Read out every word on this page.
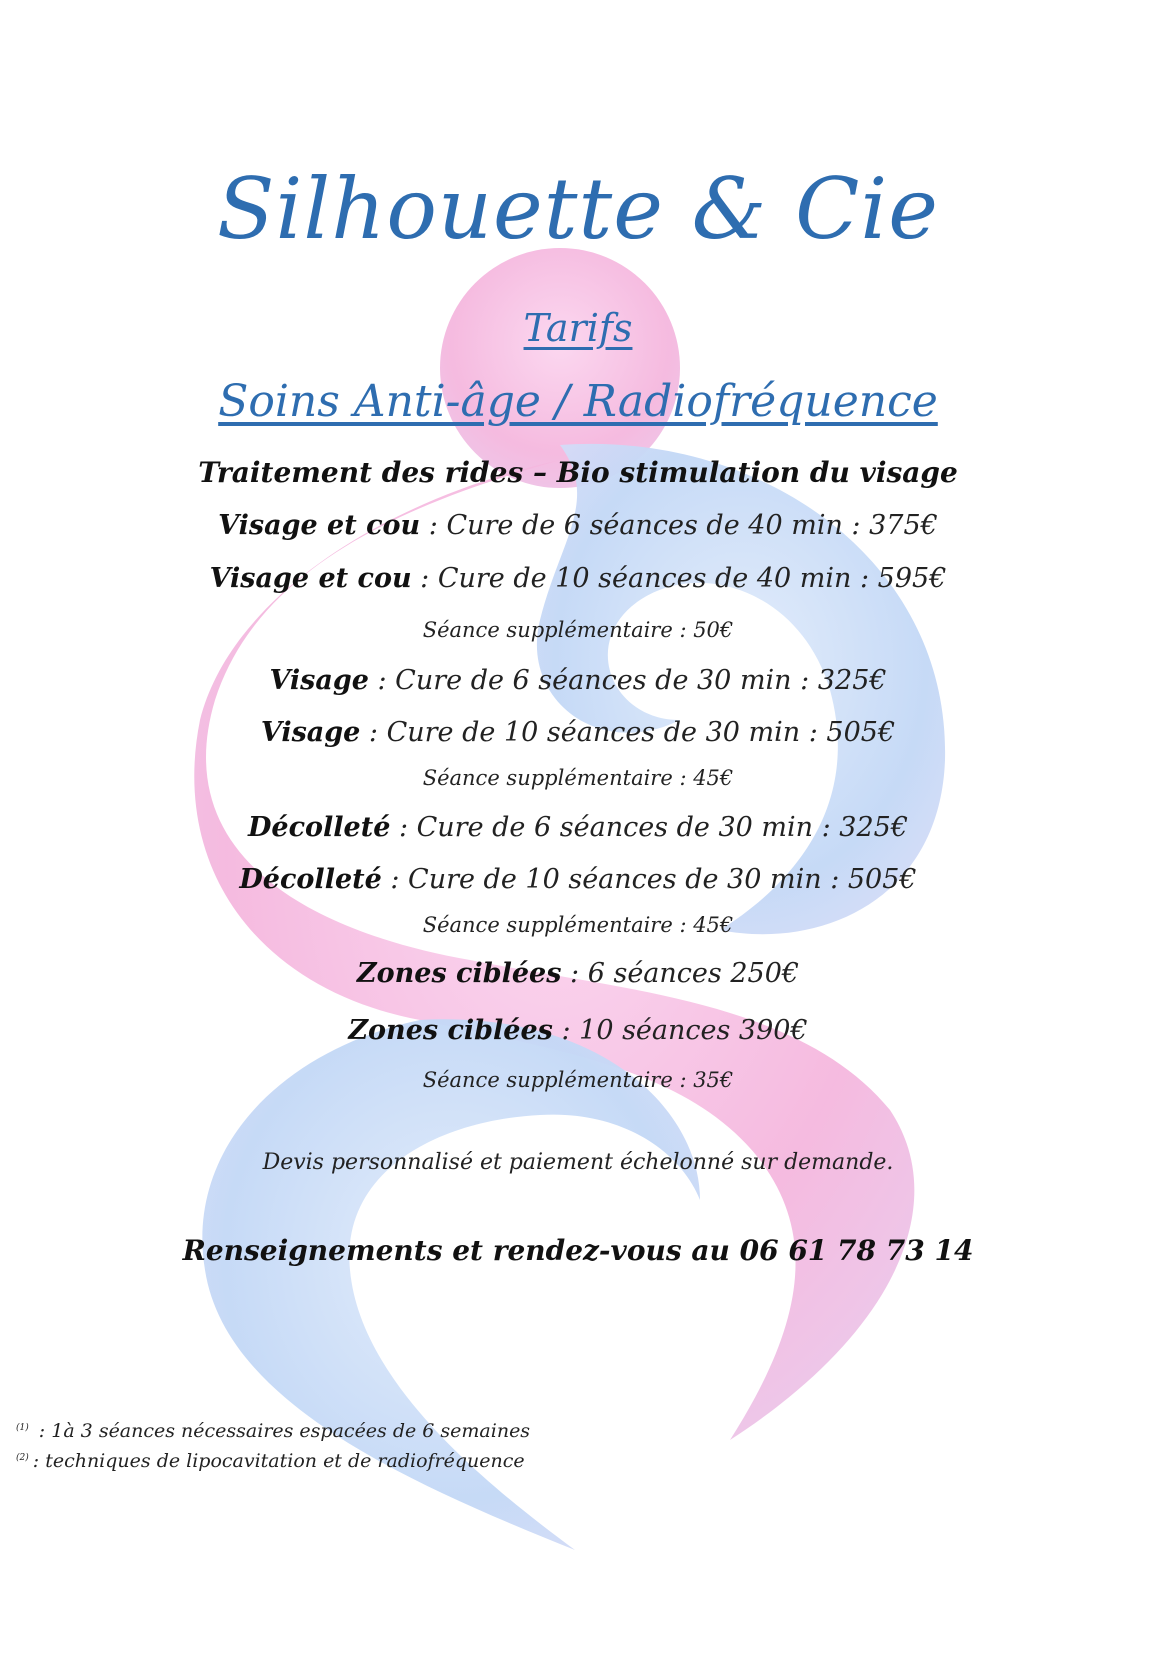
Silhouette & Cie
Tarifs
Soins Anti-âge / Radiofréquence
Traitement des rides – Bio stimulation du visage
Visage et cou : Cure de 6 séances de 40 min : 375€
Visage et cou : Cure de 10 séances de 40 min : 595€
Séance supplémentaire : 50€
Visage : Cure de 6 séances de 30 min : 325€
Visage : Cure de 10 séances de 30 min : 505€
Séance supplémentaire : 45€
Décolleté : Cure de 6 séances de 30 min : 325€
Décolleté : Cure de 10 séances de 30 min : 505€
Séance supplémentaire : 45€
Zones ciblées : 6 séances 250€
Zones ciblées : 10 séances 390€
Séance supplémentaire : 35€
Devis personnalisé et paiement échelonné sur demande.
Renseignements et rendez-vous au 06 61 78 73 14
$^{(1)}$ : 1à 3 séances nécessaires espacées de 6 semaines
$^{(2)}$ : techniques de lipocavitation et de radiofréquence
